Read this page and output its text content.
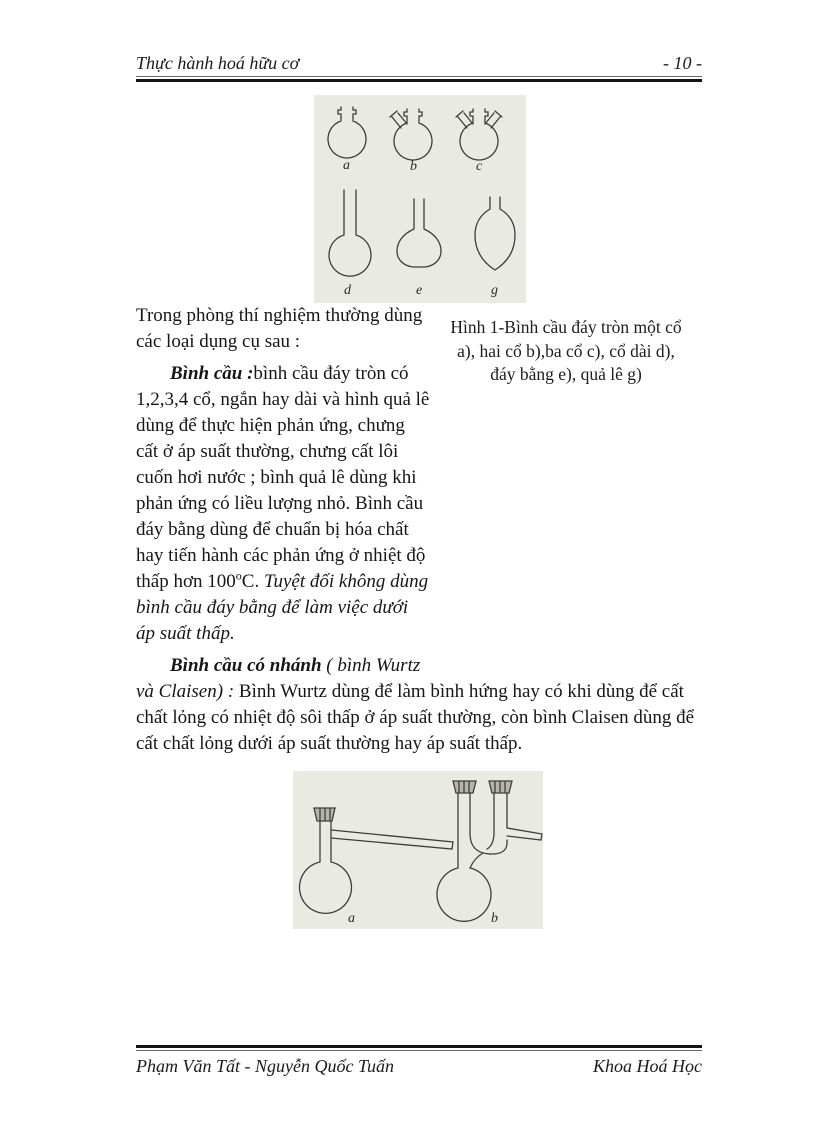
Thực hành hoá hữu cơ	- 10 -
a	b	c
d	e	g
Hình 1-Bình cầu đáy tròn một cổ
a), hai cổ b),ba cổ c), cổ dài d),
đáy bằng e), quả lê g)

Trong phòng thí nghiệm thường dùng các loại dụng cụ sau :

Bình cầu :bình cầu đáy tròn có 1,2,3,4 cổ, ngắn hay dài và hình quả lê dùng để thực hiện phản ứng, chưng cất ở áp suất thường, chưng cất lôi cuốn hơi nước ; bình quả lê dùng khi phản ứng có liều lượng nhỏ. Bình cầu đáy bằng dùng để chuẩn bị hóa chất hay tiến hành các phản ứng ở nhiệt độ thấp hơn 100$^o$C. Tuyệt đối không dùng bình cầu đáy bằng để làm việc dưới áp suất thấp.

Bình cầu có nhánh ( bình Wurtz và Claisen) : Bình Wurtz dùng để làm bình hứng hay có khi dùng để cất chất lỏng có nhiệt độ sôi thấp ở áp suất thường, còn bình Claisen dùng để cất chất lỏng dưới áp suất thường hay áp suất thấp.

a	b
Phạm Văn Tất - Nguyễn Quốc Tuấn	Khoa Hoá Học
